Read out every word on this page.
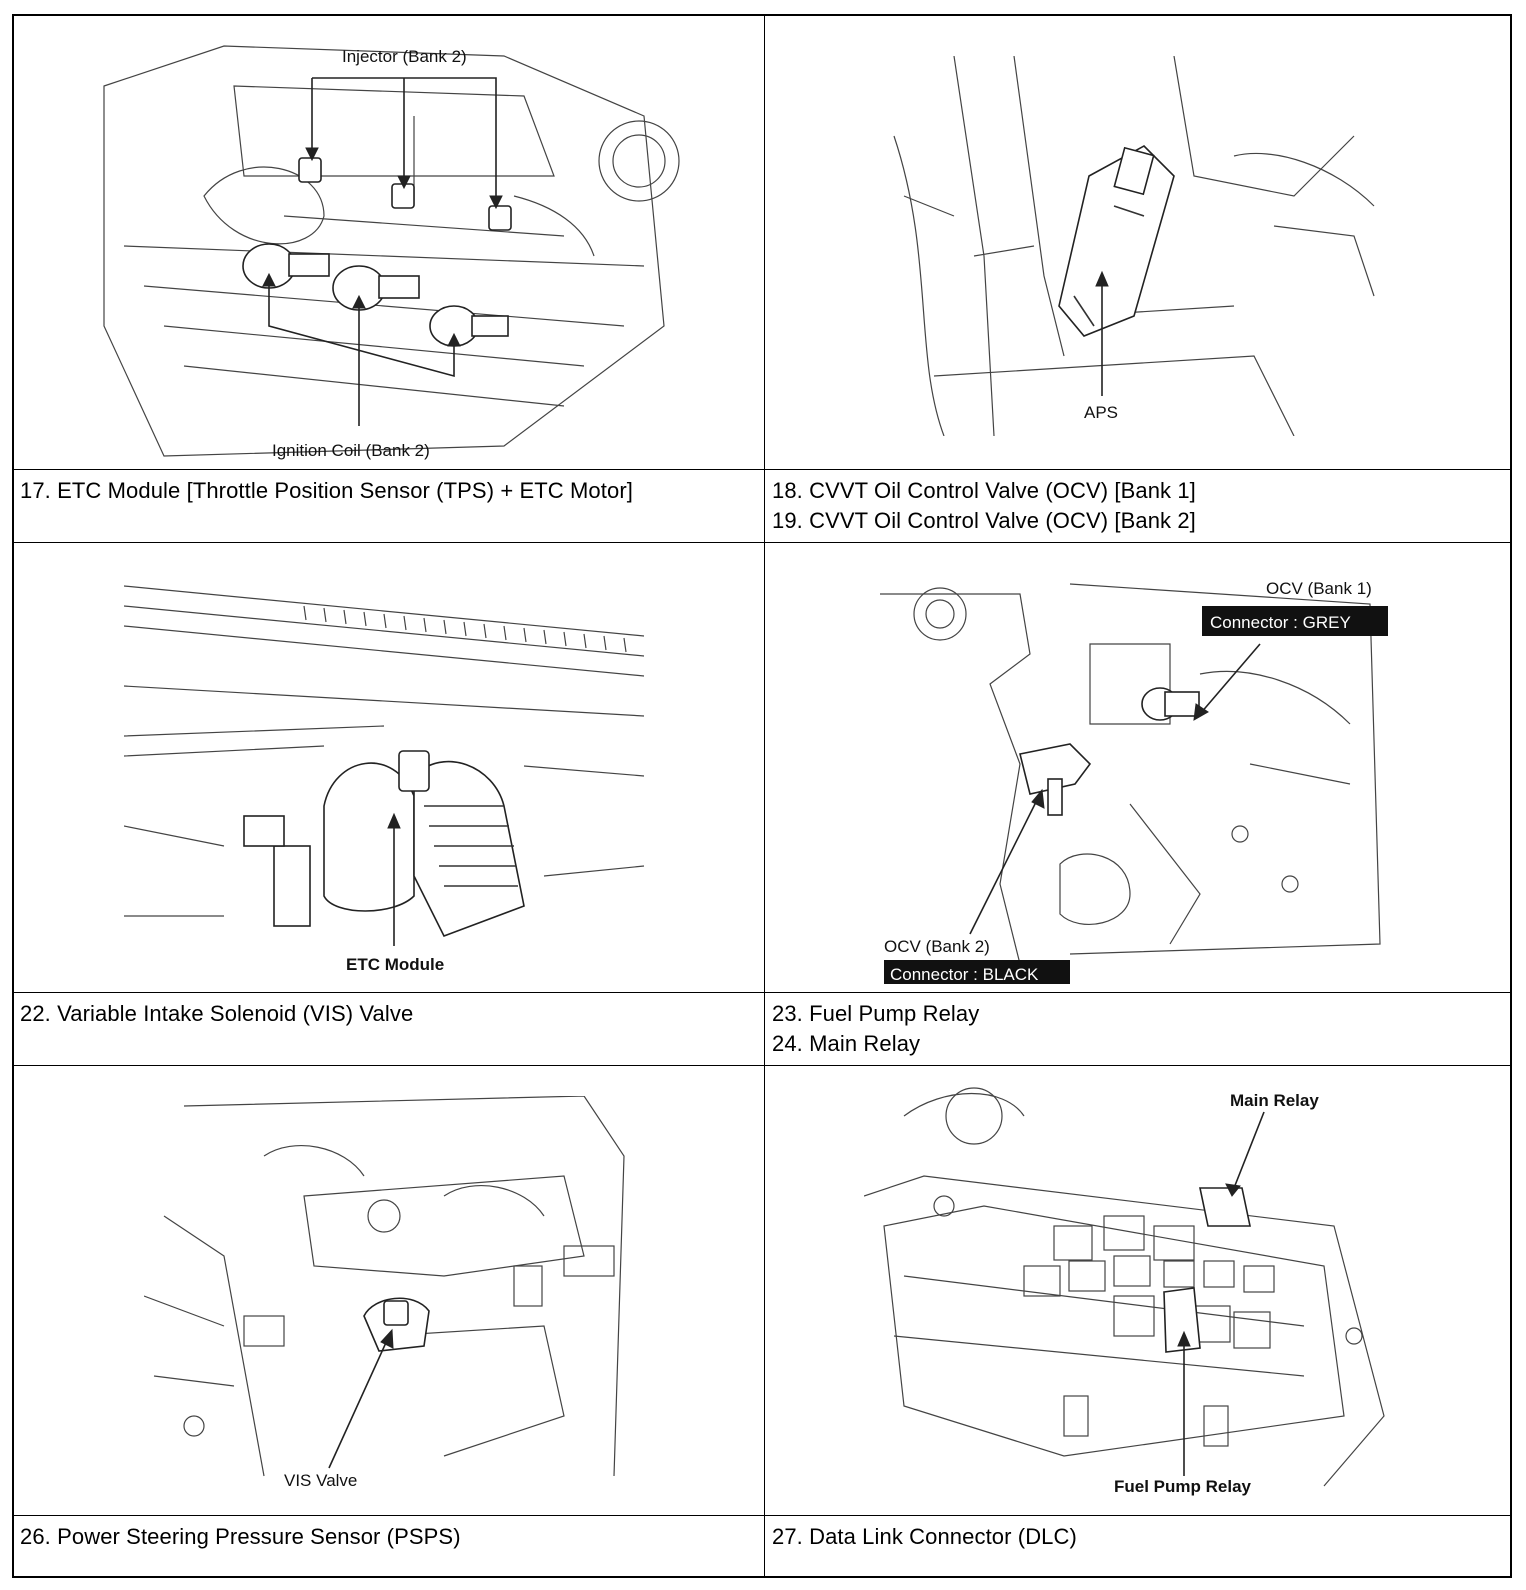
Injector (Bank 2)
Ignition Coil (Bank 2)
APS
17. ETC Module [Throttle Position Sensor (TPS) + ETC Motor]	18. CVVT Oil Control Valve (OCV) [Bank 1]
19. CVVT Oil Control Valve (OCV) [Bank 2]
ETC Module
OCV (Bank 1)
Connector : GREY
OCV (Bank 2)
Connector : BLACK
22. Variable Intake Solenoid (VIS) Valve	23. Fuel Pump Relay
24. Main Relay
VIS Valve
Main Relay
Fuel Pump Relay
26. Power Steering Pressure Sensor (PSPS)	27. Data Link Connector (DLC)
